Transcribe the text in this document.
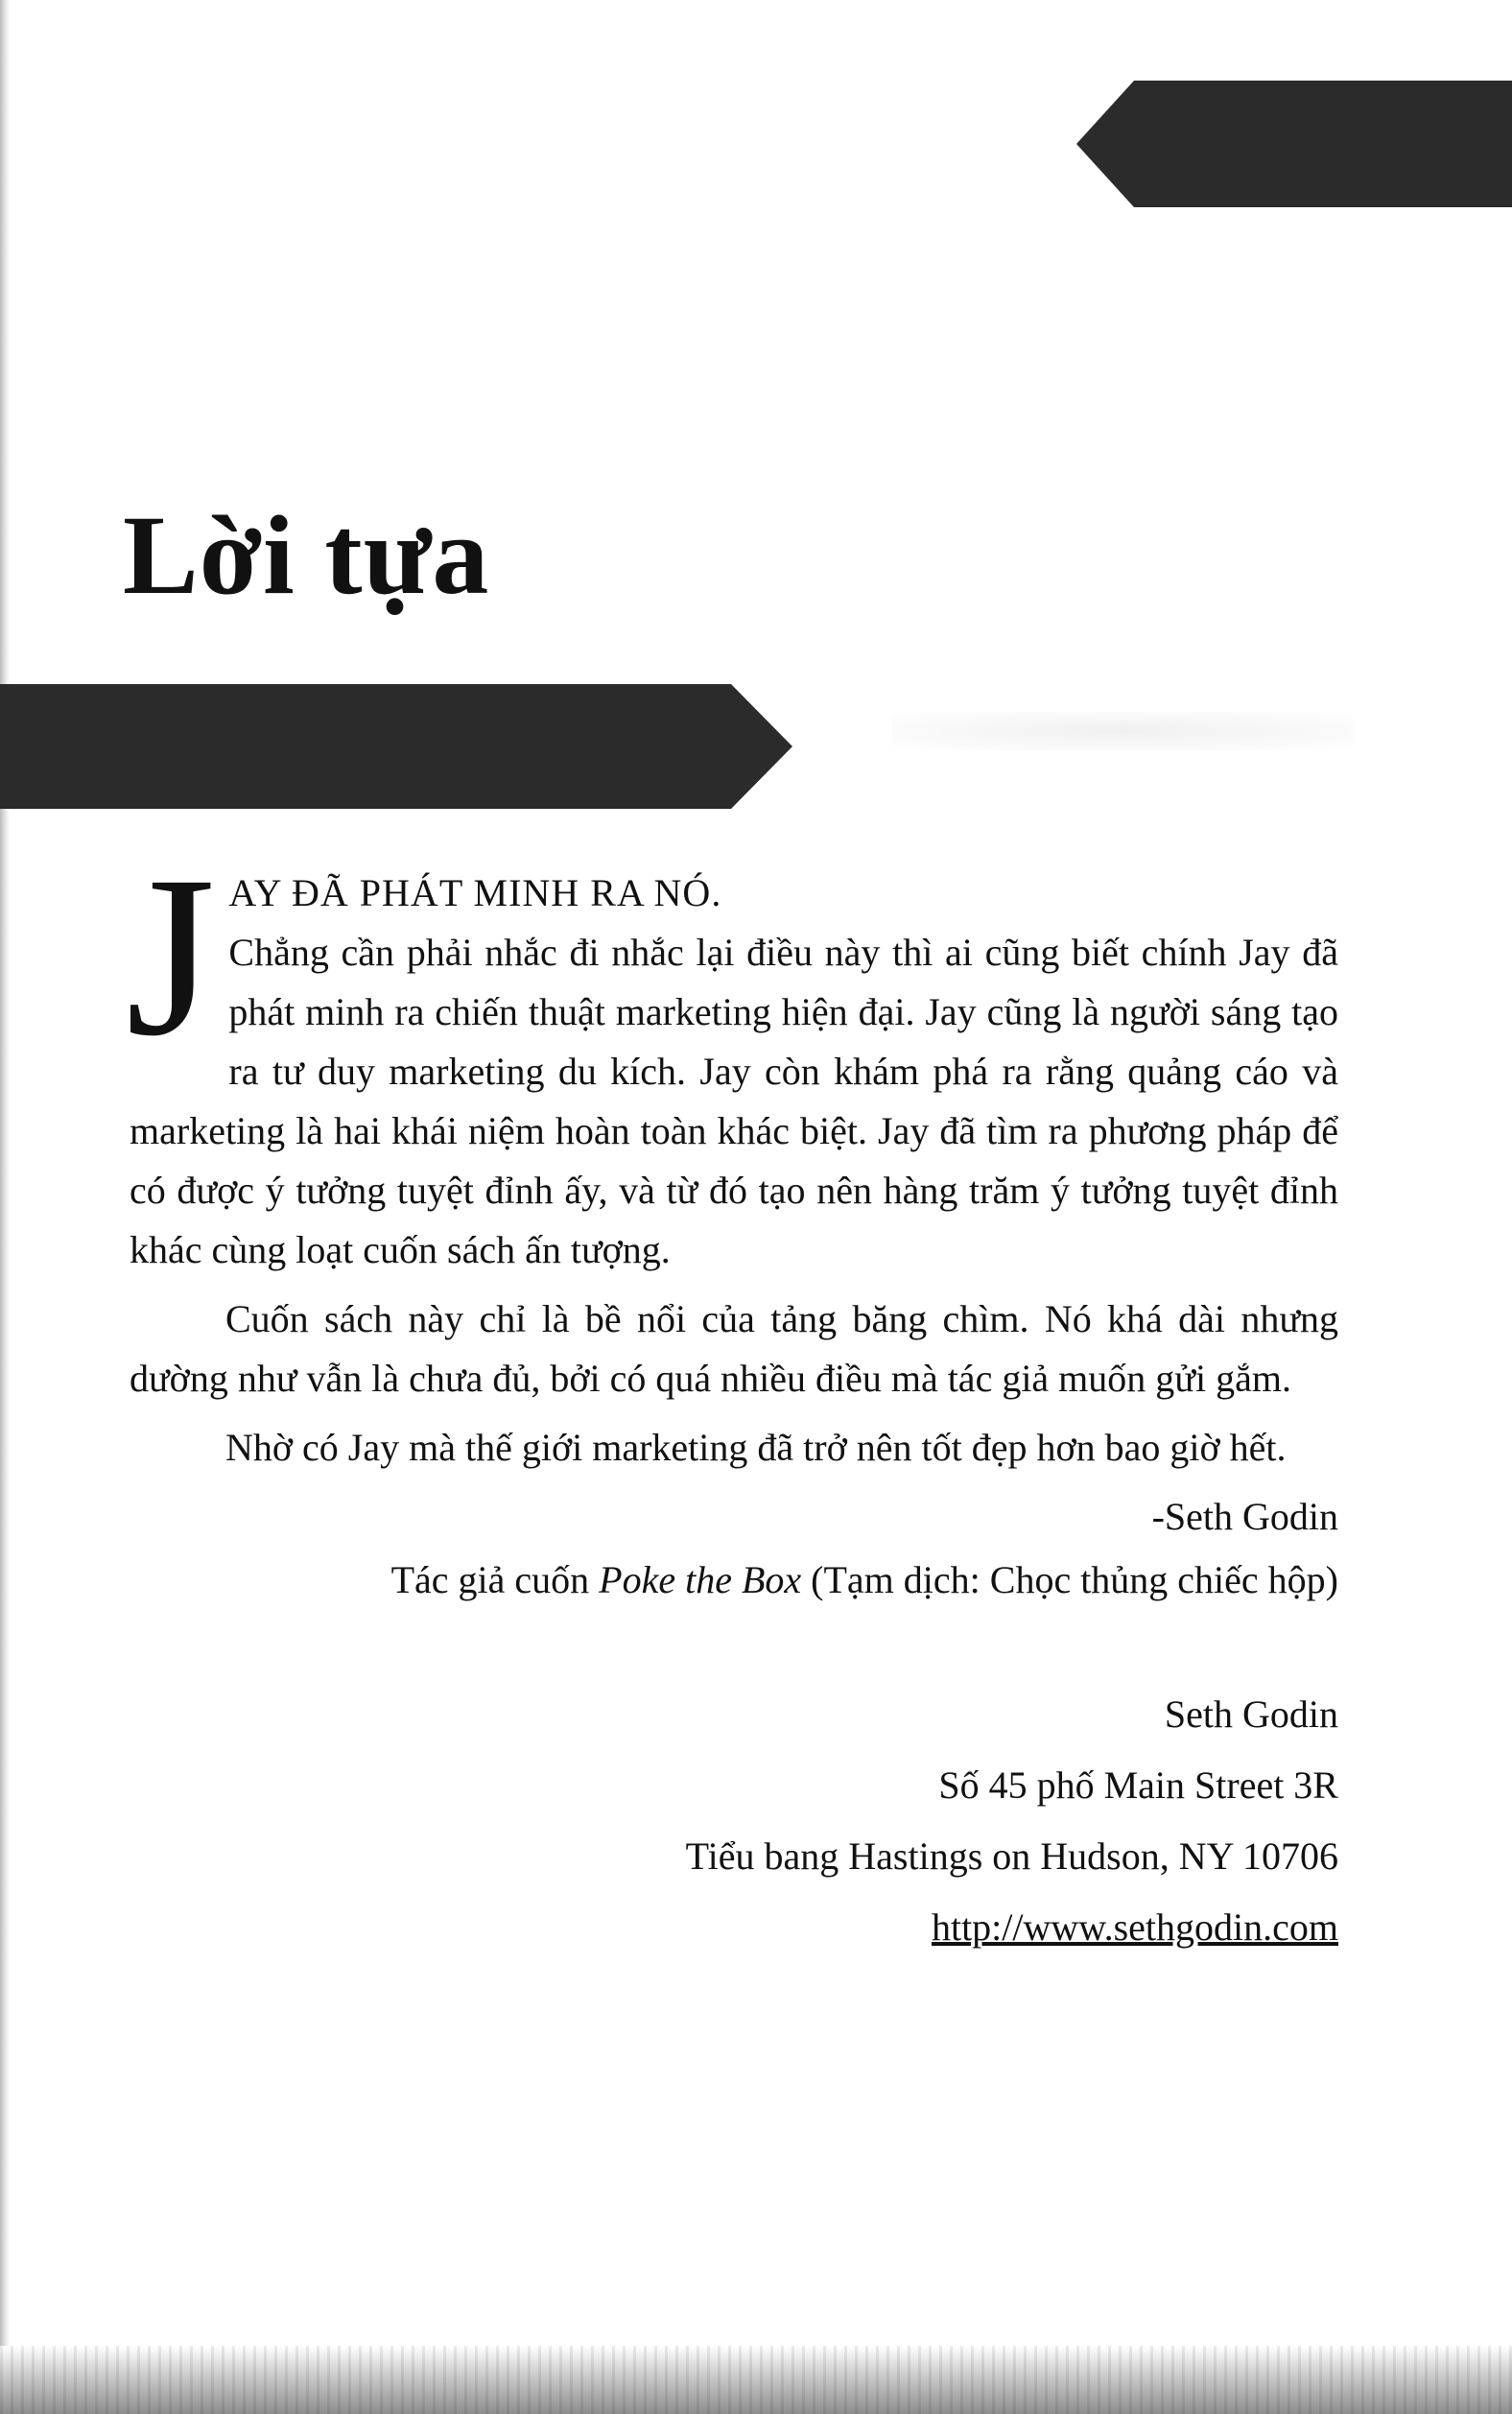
Lời tựa
J AY ĐÃ PHÁT MINH RA NÓ.

Chẳng cần phải nhắc đi nhắc lại điều này thì ai cũng biết chính Jay đã phát minh ra chiến thuật marketing hiện đại. Jay cũng là người sáng tạo ra tư duy marketing du kích. Jay còn khám phá ra rằng quảng cáo và marketing là hai khái niệm hoàn toàn khác biệt. Jay đã tìm ra phương pháp để có được ý tưởng tuyệt đỉnh ấy, và từ đó tạo nên hàng trăm ý tưởng tuyệt đỉnh khác cùng loạt cuốn sách ấn tượng.

Cuốn sách này chỉ là bề nổi của tảng băng chìm. Nó khá dài nhưng dường như vẫn là chưa đủ, bởi có quá nhiều điều mà tác giả muốn gửi gắm.

Nhờ có Jay mà thế giới marketing đã trở nên tốt đẹp hơn bao giờ hết.

-Seth Godin
Tác giả cuốn Poke the Box (Tạm dịch: Chọc thủng chiếc hộp)
Seth Godin
Số 45 phố Main Street 3R
Tiểu bang Hastings on Hudson, NY 10706
http://www.sethgodin.com
